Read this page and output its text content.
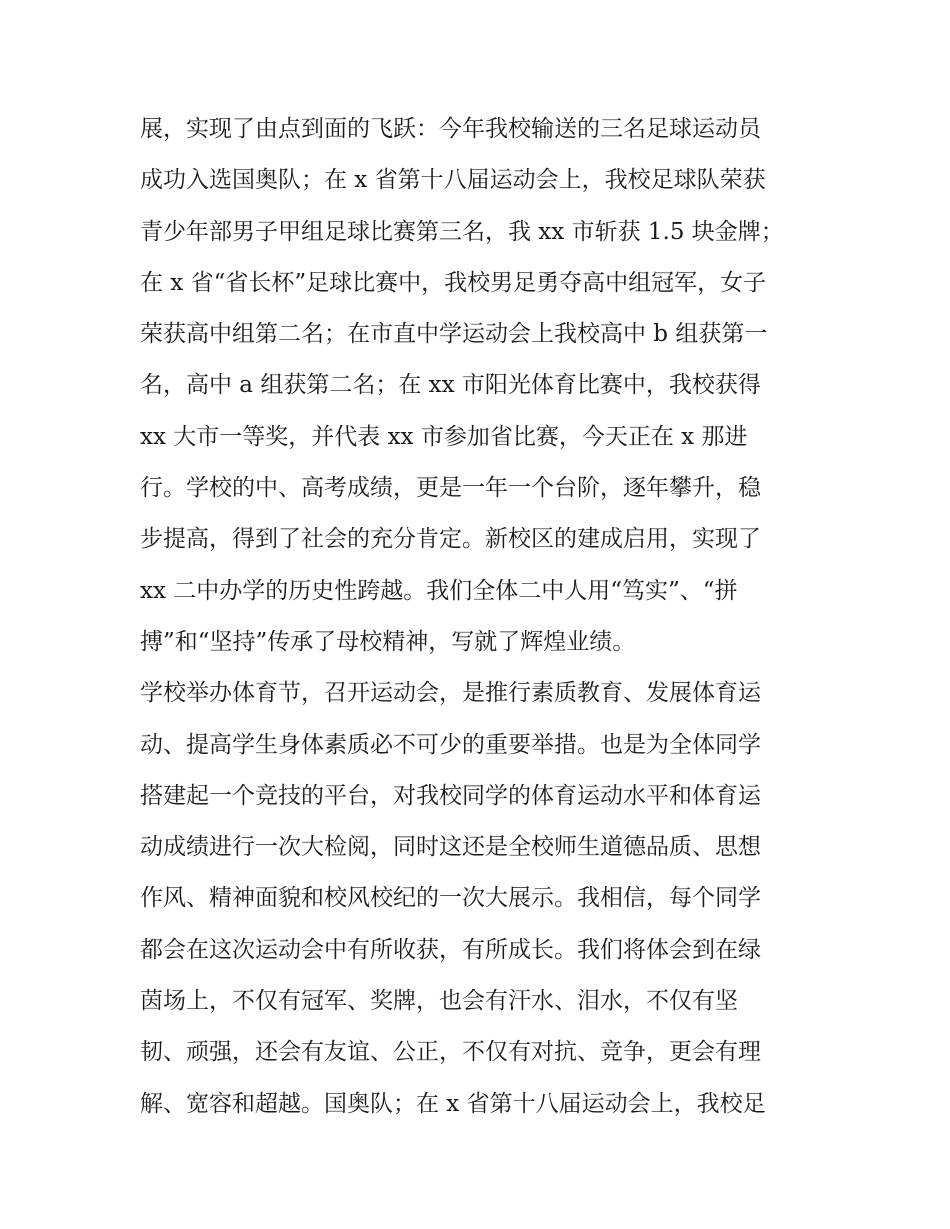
展，实现了由点到面的飞跃：今年我校输送的三名足球运动员
成功入选国奥队；在 x 省第十八届运动会上，我校足球队荣获
青少年部男子甲组足球比赛第三名，我 xx 市斩获 1.5 块金牌；
在 x 省“省长杯”足球比赛中，我校男足勇夺高中组冠军，女子
荣获高中组第二名；在市直中学运动会上我校高中 b 组获第一
名，高中 a 组获第二名；在 xx 市阳光体育比赛中，我校获得
xx 大市一等奖，并代表 xx 市参加省比赛，今天正在 x 那进
行。学校的中、高考成绩，更是一年一个台阶，逐年攀升，稳
步提高，得到了社会的充分肯定。新校区的建成启用，实现了
xx 二中办学的历史性跨越。我们全体二中人用“笃实”、“拼
搏”和“坚持”传承了母校精神，写就了辉煌业绩。
学校举办体育节，召开运动会，是推行素质教育、发展体育运
动、提高学生身体素质必不可少的重要举措。也是为全体同学
搭建起一个竞技的平台，对我校同学的体育运动水平和体育运
动成绩进行一次大检阅，同时这还是全校师生道德品质、思想
作风、精神面貌和校风校纪的一次大展示。我相信，每个同学
都会在这次运动会中有所收获，有所成长。我们将体会到在绿
茵场上，不仅有冠军、奖牌，也会有汗水、泪水，不仅有坚
韧、顽强，还会有友谊、公正，不仅有对抗、竞争，更会有理
解、宽容和超越。国奥队；在 x 省第十八届运动会上，我校足
